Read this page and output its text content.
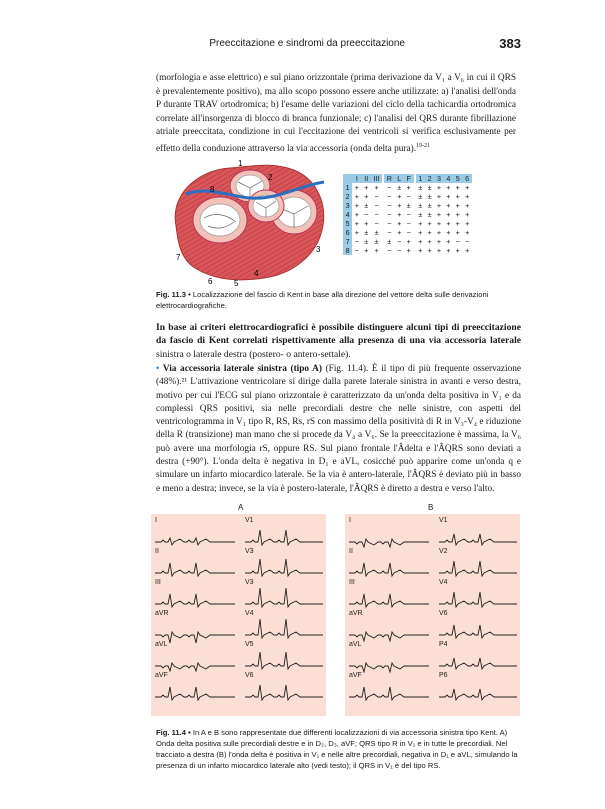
Preeccitazione e sindromi da preeccitazione	383
(morfologia e asse elettrico) e sul piano orizzontale (prima derivazione da V₁ a V₆ in cui il QRS è prevalentemente positivo), ma allo scopo possono essere anche utilizzate: a) l'analisi dell'onda P durante TRAV ortodromica; b) l'esame delle variazioni del ciclo della tachicardia ortodromica correlate all'insorgenza di blocco di branca funzionale; c) l'analisi del QRS durante fibrillazione atriale preeccitata, condizione in cui l'eccitazione dei ventricoli si verifica esclusivamente per effetto della conduzione attraverso la via accessoria (onda delta pura).$^{19-21}$
1
2
3
4
5
6
7
8
	I	II	III		R	L	F		1	2	3	4	5	6
1	+	+	+		−	±	+		±	±	+	+	+	+
2	+	+	−		−	+	−		±	±	+	+	+	+
3	+	±	−		−	+	±		±	±	+	+	+	+
4	+	−	−		−	+	−		±	±	+	+	+	+
5	+	+	−		−	+	−		+	+	+	+	+	+
6	+	±	±		−	+	−		+	+	+	+	+	+
7	−	±	±		±	−	+		+	+	+	+	−	−
8	−	+	+		−	−	+		+	+	+	+	+	+
Fig. 11.3 • Localizzazione del fascio di Kent in base alla direzione del vettore delta sulle derivazioni elettrocardiografiche.
In base ai criteri elettrocardiografici è possibile distinguere alcuni tipi di preeccitazione da fascio di Kent correlati rispettivamente alla presenza di una via accessoria laterale sinistra o laterale destra (postero- o antero-settale).
• Via accessoria laterale sinistra (tipo A) (Fig. 11.4). È il tipo di più frequente osservazione (48%).²¹ L'attivazione ventricolare si dirige dalla parete laterale sinistra in avanti e verso destra, motivo per cui l'ECG sul piano orizzontale è caratterizzato da un'onda delta positiva in V₁ e da complessi QRS positivi, sia nelle precordiali destre che nelle sinistre, con aspetti del ventricologramma in V₁ tipo R, RS, Rs, rS con massimo della positività di R in V₃-V₄ e riduzione della R (transizione) man mano che si procede da V₄ a V₆. Se la preeccitazione è massima, la V₆ può avere una morfologia rS, oppure RS. Sul piano frontale l'Âdelta e l'ÂQRS sono deviati a destra (+90°). L'onda delta è negativa in D₁ e aVL, cosicché può apparire come un'onda q e simulare un infarto miocardico laterale. Se la via è antero-laterale, l'ÂQRS è deviato più in basso e meno a destra; invece, se la via è postero-laterale, l'ÂQRS è diretto a destra e verso l'alto.
A	B
I	V1
II	V3
III	V3
aVR	V4
aVL	V5
aVF	V6
I	V1
II	V2
III	V4
aVR	V6
aVL	P4
aVF	P6
Fig. 11.4 • In A e B sono rappresentate due differenti localizzazioni di via accessoria sinistra tipo Kent. A) Onda delta positiva sulle precordiali destre e in D₂, D₃, aVF; QRS tipo R in V₁ e in tutte le precordiali. Nel tracciato a destra (B) l'onda delta è positiva in V₁ e nelle altre precordiali, negativa in D₁ e aVL, simulando la presenza di un infarto miocardico laterale alto (vedi testo); il QRS in V₁ è del tipo RS.
